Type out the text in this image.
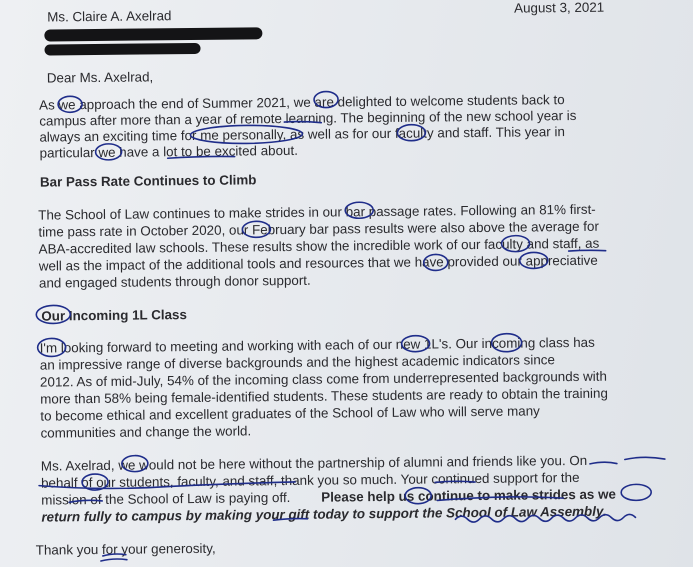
Ms. Claire A. Axelrad
August 3, 2021
Dear Ms. Axelrad,
As we approach the end of Summer 2021, we are delighted to welcome students back to
campus after more than a year of remote learning. The beginning of the new school year is
always an exciting time for me personally, as well as for our faculty and staff. This year in
particular we have a lot to be excited about.
Bar Pass Rate Continues to Climb
The School of Law continues to make strides in our bar passage rates. Following an 81% first-
time pass rate in October 2020, our February bar pass results were also above the average for
ABA-accredited law schools. These results show the incredible work of our faculty and staff, as
well as the impact of the additional tools and resources that we have provided our appreciative
and engaged students through donor support.
Our Incoming 1L Class
I'm looking forward to meeting and working with each of our new 1L's. Our incoming class has
an impressive range of diverse backgrounds and the highest academic indicators since
2012. As of mid-July, 54% of the incoming class come from underrepresented backgrounds with
more than 58% being female-identified students. These students are ready to obtain the training
to become ethical and excellent graduates of the School of Law who will serve many
communities and change the world.
Ms. Axelrad, we would not be here without the partnership of alumni and friends like you. On
behalf of our students, faculty, and staff, thank you so much. Your continued support for the
mission of the School of Law is paying off. Please help us continue to make strides as we
return fully to campus by making your gift today to support the School of Law Assembly.
Thank you for your generosity,
